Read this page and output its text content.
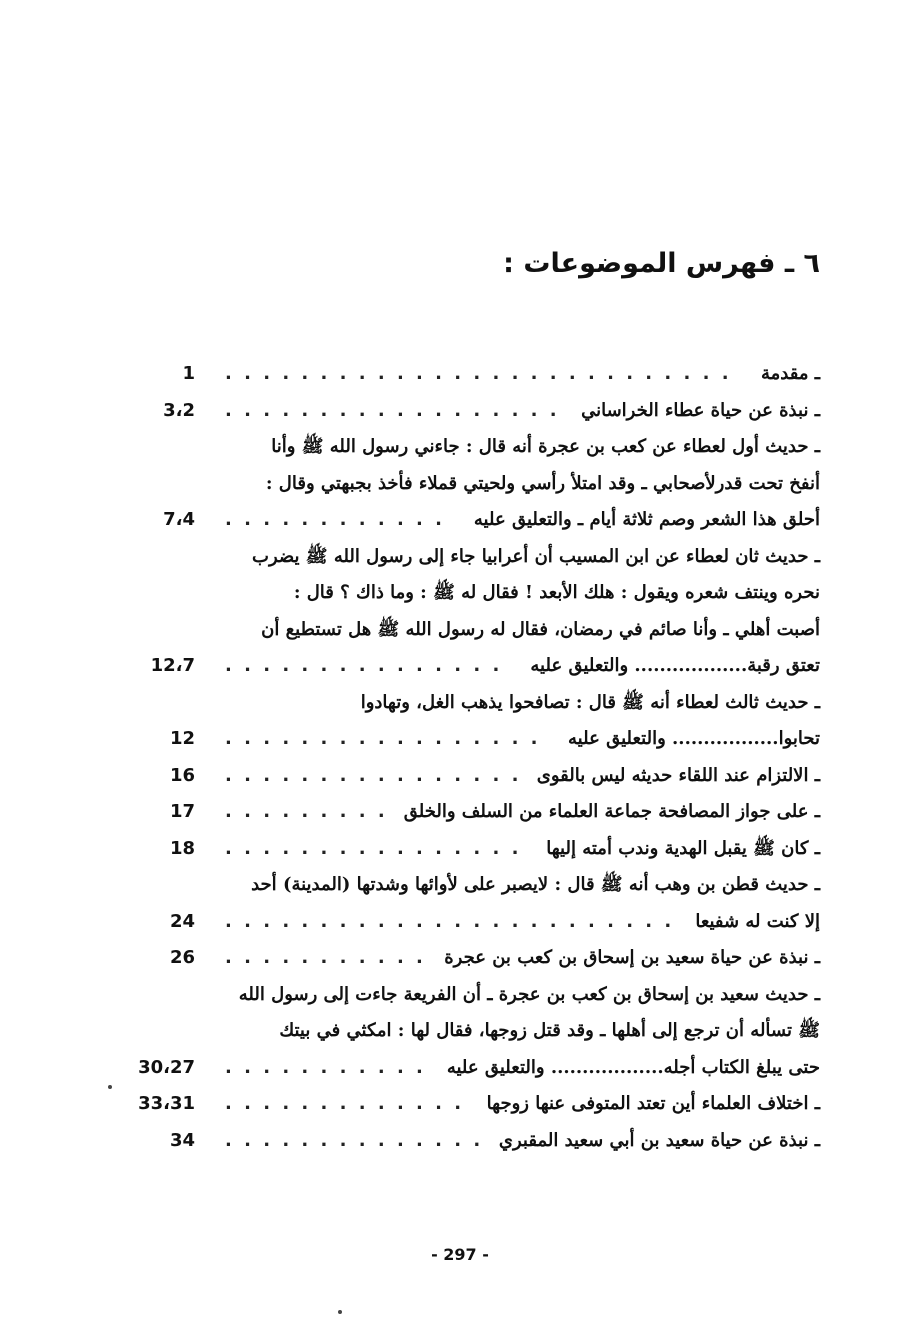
٦ ـ فهرس الموضوعات :
ـ مقدمة
. . . . . . . . . . . . . . . . . . . . . . . . . . .
1
ـ نبذة عن حياة عطاء الخراساني
. . . . . . . . . . . . . . . . . .
3،2
ـ حديث أول لعطاء عن كعب بن عجرة أنه قال : جاءني رسول الله ﷺ وأنا
أنفخ تحت قدرلأصحابي ـ وقد امتلأ رأسي ولحيتي قملاء فأخذ بجبهتي وقال :
أحلق هذا الشعر وصم ثلاثة أيام ـ والتعليق عليه
. . . . . . . . . . . .
7،4
ـ حديث ثان لعطاء عن ابن المسيب أن أعرابيا جاء إلى رسول الله ﷺ يضرب
نحره وينتف شعره ويقول : هلك الأبعد ! فقال له ﷺ : وما ذاك ؟ قال :
أصبت أهلي ـ وأنا صائم في رمضان، فقال له رسول الله ﷺ هل تستطيع أن
تعتق رقبة.................. والتعليق عليه
. . . . . . . . . . . . . . .
12،7
ـ حديث ثالث لعطاء أنه ﷺ قال : تصافحوا يذهب الغل، وتهادوا
تحابوا................. والتعليق عليه
. . . . . . . . . . . . . . . . .
12
ـ الالتزام عند اللقاء حديثه ليس بالقوى
. . . . . . . . . . . . . . . .
16
ـ على جواز المصافحة جماعة العلماء من السلف والخلق
. . . . . . . . .
17
ـ كان ﷺ يقبل الهدية وندب أمته إليها
. . . . . . . . . . . . . . . .
18
ـ حديث قطن بن وهب أنه ﷺ قال : لايصبر على لأوائها وشدتها (المدينة) أحد
إلا كنت له شفيعا
. . . . . . . . . . . . . . . . . . . . . . . .
24
ـ نبذة عن حياة سعيد بن إسحاق بن كعب بن عجرة
. . . . . . . . . . .
26
ـ حديث سعيد بن إسحاق بن كعب بن عجرة ـ أن الفريعة جاءت إلى رسول الله
ﷺ تسأله أن ترجع إلى أهلها ـ وقد قتل زوجها، فقال لها : امكثي في بيتك
حتى يبلغ الكتاب أجله.................. والتعليق عليه
. . . . . . . . . . .
30،27
ـ اختلاف العلماء أين تعتد المتوفى عنها زوجها
. . . . . . . . . . . . .
33،31
ـ نبذة عن حياة سعيد بن أبي سعيد المقبري
. . . . . . . . . . . . . .
34
- 297 -
